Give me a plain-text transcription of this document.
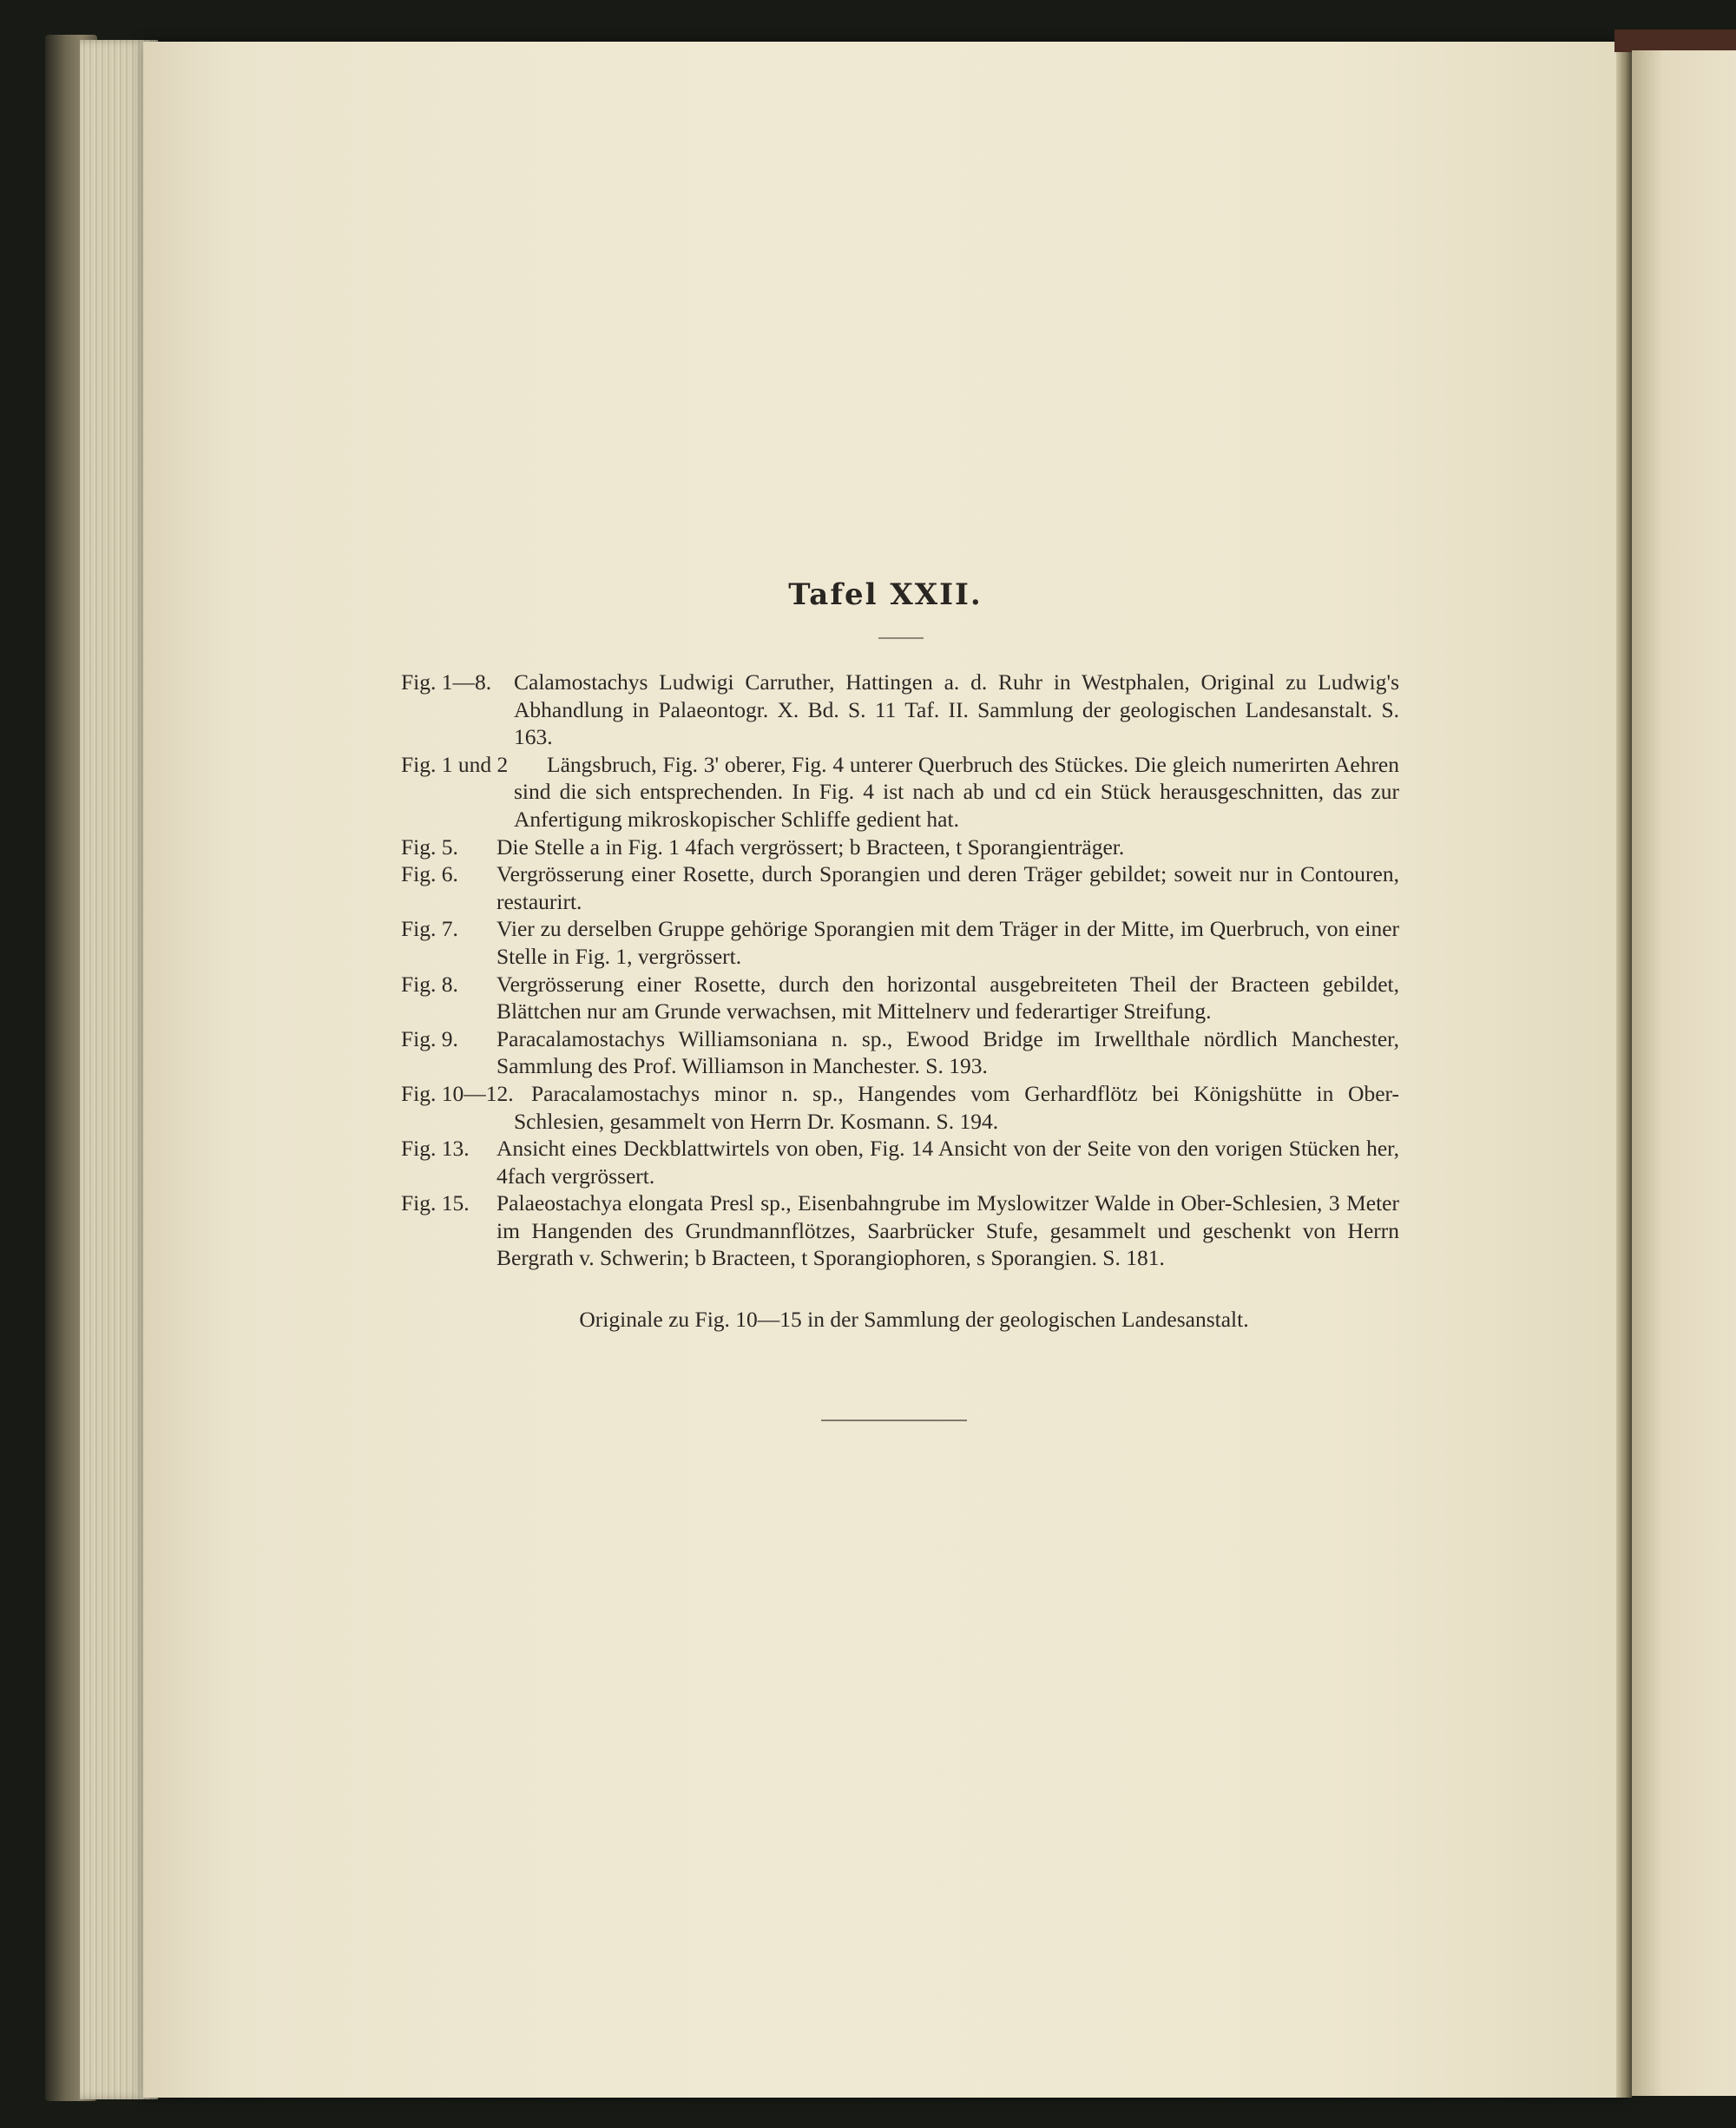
Tafel XXII.
Fig. 1—8. Calamostachys Ludwigi Carruther, Hattingen a. d. Ruhr in Westphalen, Original zu Ludwig's Abhandlung in Palaeontogr. X. Bd. S. 11 Taf. II. Sammlung der geologischen Landesanstalt. S. 163.
Fig. 1 und 2	Längsbruch, Fig. 3' oberer, Fig. 4 unterer Querbruch des Stückes. Die gleich numerirten Aehren sind die sich entsprechenden. In Fig. 4 ist nach ab und cd ein Stück herausgeschnitten, das zur Anfertigung mikroskopischer Schliffe gedient hat.
Fig. 5. Die Stelle a in Fig. 1 4fach vergrössert; b Bracteen, t Sporangienträger.
Fig. 6. Vergrösserung einer Rosette, durch Sporangien und deren Träger gebildet; soweit nur in Contouren, restaurirt.
Fig. 7. Vier zu derselben Gruppe gehörige Sporangien mit dem Träger in der Mitte, im Querbruch, von einer Stelle in Fig. 1, vergrössert.
Fig. 8. Vergrösserung einer Rosette, durch den horizontal ausgebreiteten Theil der Bracteen gebildet, Blättchen nur am Grunde verwachsen, mit Mittelnerv und federartiger Streifung.
Fig. 9. Paracalamostachys Williamsoniana n. sp., Ewood Bridge im Irwellthale nördlich Manchester, Sammlung des Prof. Williamson in Manchester. S. 193.
Fig. 10—12. Paracalamostachys minor n. sp., Hangendes vom Gerhardflötz bei Königshütte in Ober-Schlesien, gesammelt von Herrn Dr. Kosmann. S. 194.
Fig. 13. Ansicht eines Deckblattwirtels von oben, Fig. 14 Ansicht von der Seite von den vorigen Stücken her, 4fach vergrössert.
Fig. 15. Palaeostachya elongata Presl sp., Eisenbahngrube im Myslowitzer Walde in Ober-Schlesien, 3 Meter im Hangenden des Grundmannflötzes, Saarbrücker Stufe, gesammelt und geschenkt von Herrn Bergrath v. Schwerin; b Bracteen, t Sporangiophoren, s Sporangien. S. 181.
Originale zu Fig. 10—15 in der Sammlung der geologischen Landesanstalt.
